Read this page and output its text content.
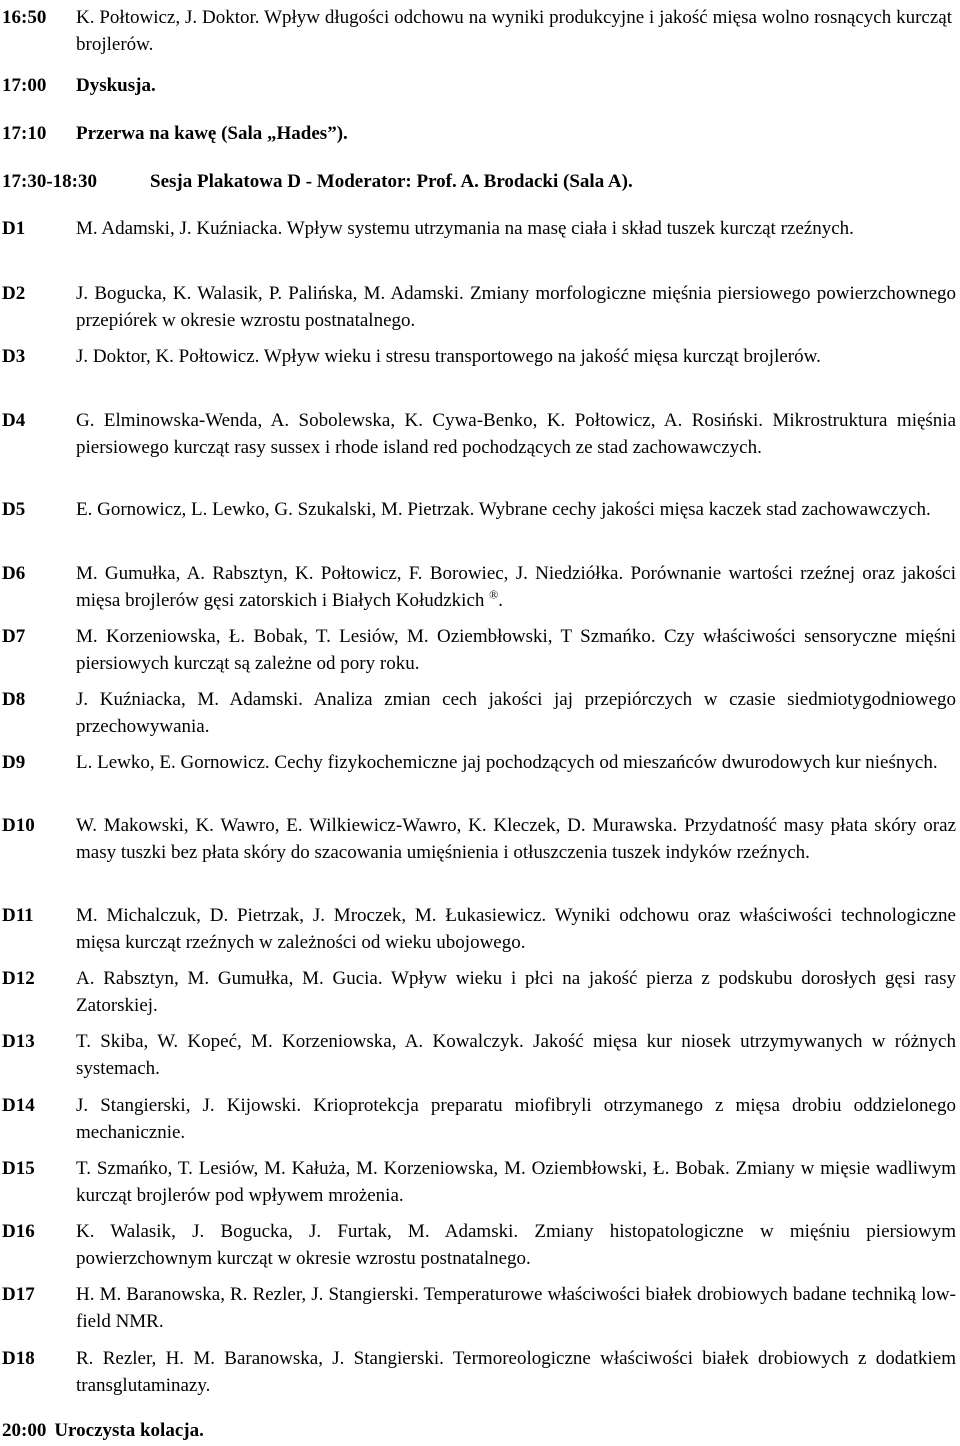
16:50	K. Połtowicz, J. Doktor. Wpływ długości odchowu na wyniki produkcyjne i jakość mięsa wolno rosnących kurcząt brojlerów.
17:00	Dyskusja.
17:10	Przerwa na kawę (Sala „Hades”).
17:30-18:30	Sesja Plakatowa D - Moderator: Prof. A. Brodacki (Sala A).
D1	M. Adamski, J. Kuźniacka. Wpływ systemu utrzymania na masę ciała i skład tuszek kurcząt rzeźnych.
D2	J. Bogucka, K. Walasik, P. Palińska, M. Adamski. Zmiany morfologiczne mięśnia piersiowego powierzchownego przepiórek w okresie wzrostu postnatalnego.
D3	J. Doktor, K. Połtowicz. Wpływ wieku i stresu transportowego na jakość mięsa kurcząt brojlerów.
D4	G. Elminowska-Wenda, A. Sobolewska, K. Cywa-Benko, K. Połtowicz, A. Rosiński. Mikrostruktura mięśnia piersiowego kurcząt rasy sussex i rhode island red pochodzących ze stad zachowawczych.
D5	E. Gornowicz, L. Lewko, G. Szukalski, M. Pietrzak. Wybrane cechy jakości mięsa kaczek stad zachowawczych.
D6	M. Gumułka, A. Rabsztyn, K. Połtowicz, F. Borowiec, J. Niedziółka. Porównanie wartości rzeźnej oraz jakości mięsa brojlerów gęsi zatorskich i Białych Kołudzkich ®.
D7	M. Korzeniowska, Ł. Bobak, T. Lesiów, M. Oziembłowski, T Szmańko. Czy właściwości sensoryczne mięśni piersiowych kurcząt są zależne od pory roku.
D8	J. Kuźniacka, M. Adamski. Analiza zmian cech jakości jaj przepiórczych w czasie siedmiotygodniowego przechowywania.
D9	L. Lewko, E. Gornowicz. Cechy fizykochemiczne jaj pochodzących od mieszańców dwurodowych kur nieśnych.
D10	W. Makowski, K. Wawro, E. Wilkiewicz-Wawro, K. Kleczek, D. Murawska. Przydatność masy płata skóry oraz masy tuszki bez płata skóry do szacowania umięśnienia i otłuszczenia tuszek indyków rzeźnych.
D11	M. Michalczuk, D. Pietrzak, J. Mroczek, M. Łukasiewicz. Wyniki odchowu oraz właściwości technologiczne mięsa kurcząt rzeźnych w zależności od wieku ubojowego.
D12	A. Rabsztyn, M. Gumułka, M. Gucia. Wpływ wieku i płci na jakość pierza z podskubu dorosłych gęsi rasy Zatorskiej.
D13	T. Skiba, W. Kopeć, M. Korzeniowska, A. Kowalczyk. Jakość mięsa kur niosek utrzymywanych w różnych systemach.
D14	J. Stangierski, J. Kijowski. Krioprotekcja preparatu miofibryli otrzymanego z mięsa drobiu oddzielonego mechanicznie.
D15	T. Szmańko, T. Lesiów, M. Kałuża, M. Korzeniowska, M. Oziembłowski, Ł. Bobak. Zmiany w mięsie wadliwym kurcząt brojlerów pod wpływem mrożenia.
D16	K. Walasik, J. Bogucka, J. Furtak, M. Adamski. Zmiany histopatologiczne w mięśniu piersiowym powierzchownym kurcząt w okresie wzrostu postnatalnego.
D17	H. M. Baranowska, R. Rezler, J. Stangierski. Temperaturowe właściwości białek drobiowych badane techniką low-field NMR.
D18	R. Rezler, H. M. Baranowska, J. Stangierski. Termoreologiczne właściwości białek drobiowych z dodatkiem transglutaminazy.
20:00 Uroczysta kolacja.
